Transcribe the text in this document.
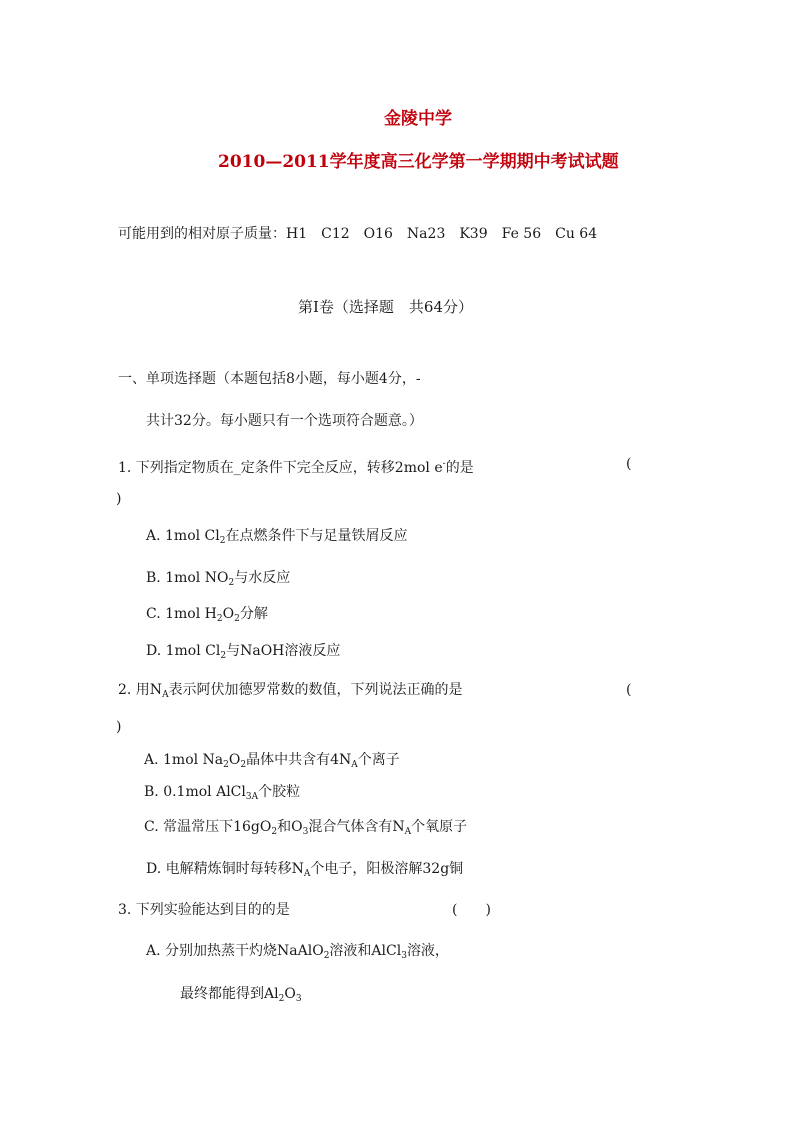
金陵中学
2010—2011学年度高三化学第一学期期中考试试题
可能用到的相对原子质量：H1　C12　O16　Na23　K39　Fe 56　Cu 64
第Ⅰ卷（选择题　共64分）
一、单项选择题（本题包括8小题，每小题4分，-
共计32分。每小题只有一个选项符合题意。）
1. 下列指定物质在_定条件下完全反应，转移2mol e-的是	(
)
A. 1mol $Cl_2$在点燃条件下与足量铁屑反应
B. 1mol $NO_2$与水反应
C. 1mol $H_2O_2$分解
D. 1mol $Cl_2$与NaOH溶液反应
2. 用$N_A$表示阿伏加德罗常数的数值，下列说法正确的是	(
)
A. 1mol $Na_2O_2$晶体中共含有$4N_A$个离子
B. 0.1mol AlCl$_{3A}$个胶粒
C. 常温常压下$16gO_2$和$O_3$混合气体含有$N_A$个氧原子
D. 电解精炼铜时每转移$N_A$个电子，阳极溶解32g铜
3. 下列实验能达到目的的是	(　　)
A. 分别加热蒸干灼烧NaAlO$_2$溶液和AlCl$_3$溶液，
最终都能得到$Al_2O_3$
